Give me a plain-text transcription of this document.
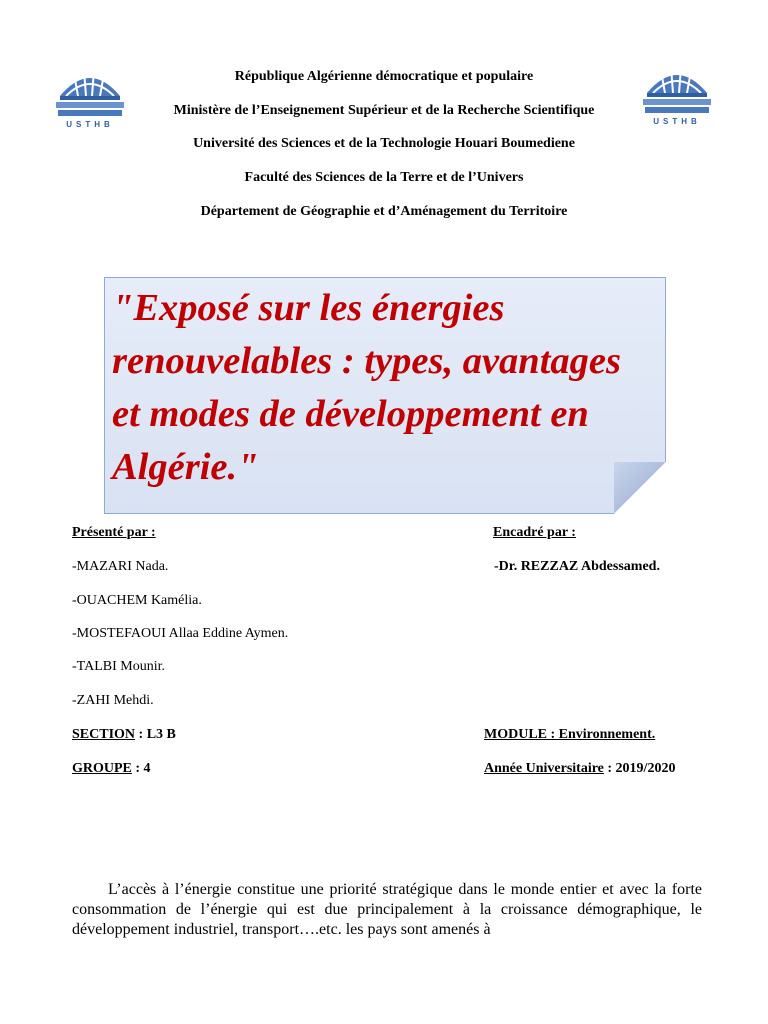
USTHB	USTHB
République Algérienne démocratique et populaire
Ministère de l’Enseignement Supérieur et de la Recherche Scientifique
Université des Sciences et de la Technologie Houari Boumediene
Faculté des Sciences de la Terre et de l’Univers
Département de Géographie et d’Aménagement du Territoire
"Exposé sur les énergies renouvelables : types, avantages et modes de développement en Algérie."
Présenté par :	Encadré par :
-MAZARI Nada.	-Dr. REZZAZ Abdessamed.
-OUACHEM Kamélia.
-MOSTEFAOUI Allaa Eddine Aymen.
-TALBI Mounir.
-ZAHI Mehdi.
SECTION : L3 B	MODULE : Environnement.
GROUPE : 4	Année Universitaire : 2019/2020
L’accès à l’énergie constitue une priorité stratégique dans le monde entier et avec la forte consommation de l’énergie qui est due principalement à la croissance démographique, le développement industriel, transport….etc. les pays sont amenés à
